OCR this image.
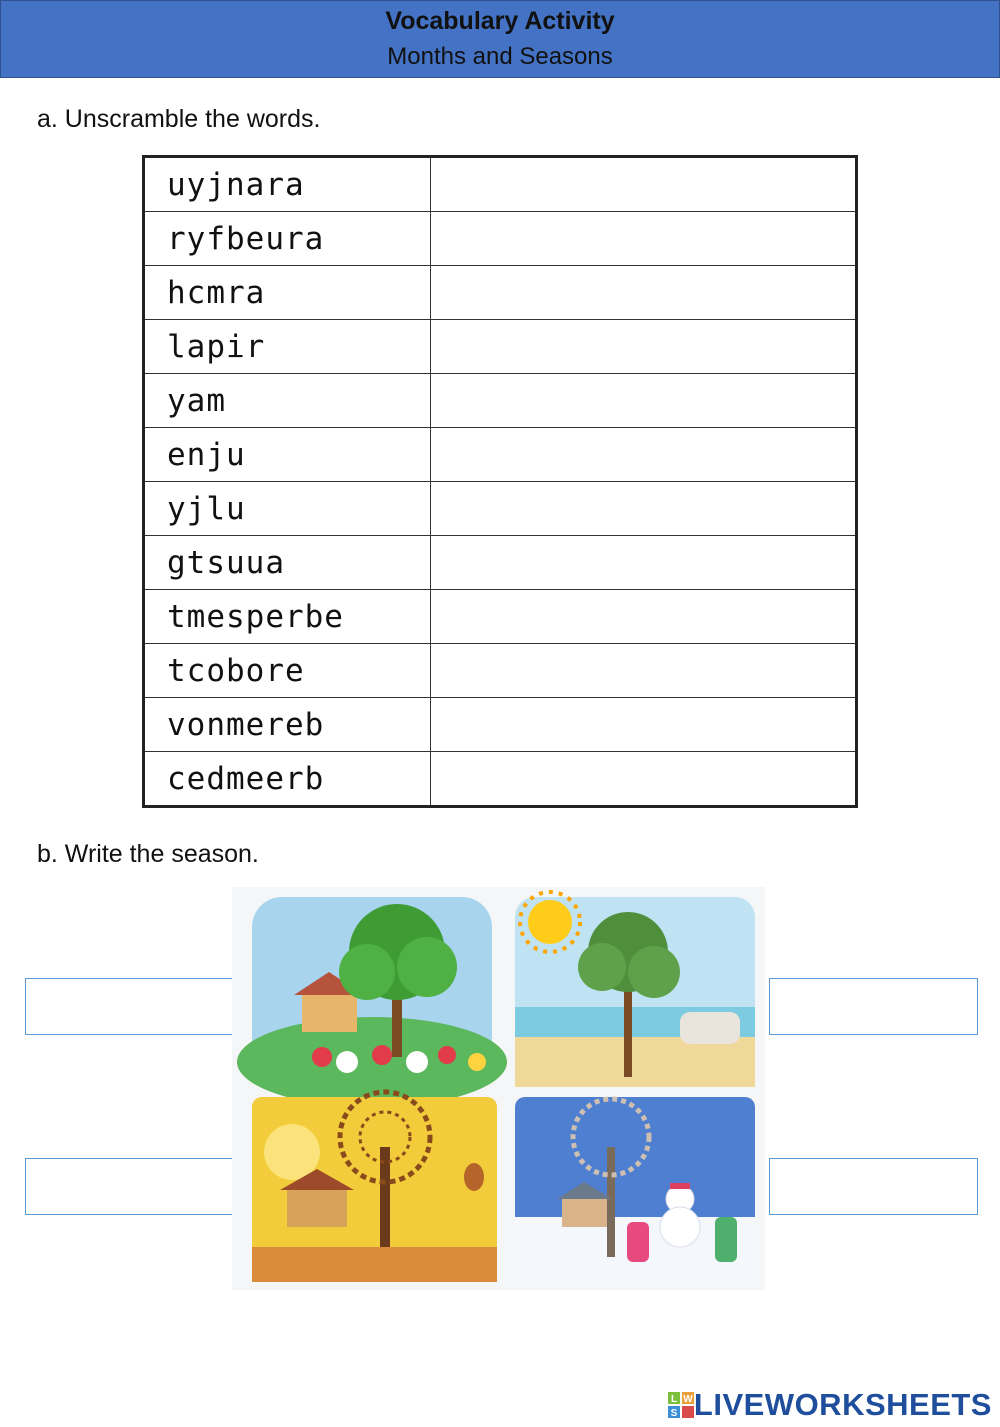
Vocabulary Activity
Months and Seasons
a. Unscramble the words.
uyjnara	
ryfbeura	
hcmra	
lapir	
yam	
enju	
yjlu	
gtsuua	
tmesperbe	
tcobore	
vonmereb	
cedmeerb	
b. Write the season.
L W
S LIVEWORKSHEETS
